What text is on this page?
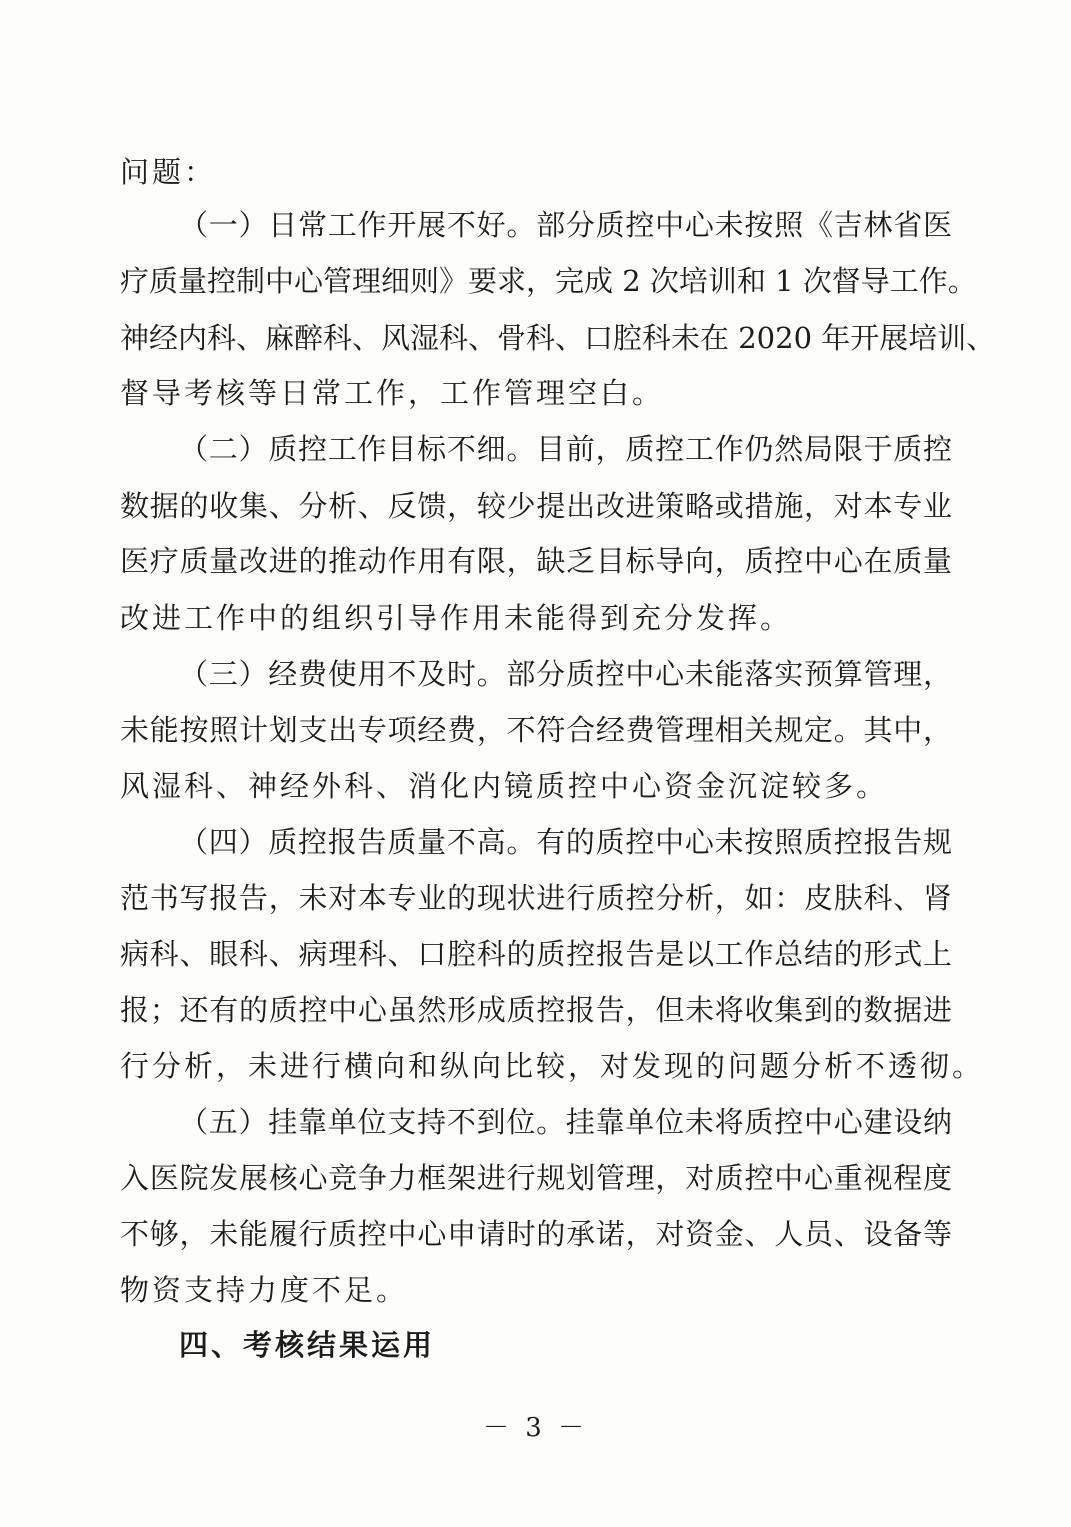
问题：
（一）日常工作开展不好。部分质控中心未按照《吉林省医
疗质量控制中心管理细则》要求，完成 2 次培训和 1 次督导工作。
神经内科、麻醉科、风湿科、骨科、口腔科未在 2020 年开展培训、
督导考核等日常工作，工作管理空白。
（二）质控工作目标不细。目前，质控工作仍然局限于质控
数据的收集、分析、反馈，较少提出改进策略或措施，对本专业
医疗质量改进的推动作用有限，缺乏目标导向，质控中心在质量
改进工作中的组织引导作用未能得到充分发挥。
（三）经费使用不及时。部分质控中心未能落实预算管理，
未能按照计划支出专项经费，不符合经费管理相关规定。其中，
风湿科、神经外科、消化内镜质控中心资金沉淀较多。
（四）质控报告质量不高。有的质控中心未按照质控报告规
范书写报告，未对本专业的现状进行质控分析，如：皮肤科、肾
病科、眼科、病理科、口腔科的质控报告是以工作总结的形式上
报；还有的质控中心虽然形成质控报告，但未将收集到的数据进
行分析，未进行横向和纵向比较，对发现的问题分析不透彻。
（五）挂靠单位支持不到位。挂靠单位未将质控中心建设纳
入医院发展核心竞争力框架进行规划管理，对质控中心重视程度
不够，未能履行质控中心申请时的承诺，对资金、人员、设备等
物资支持力度不足。
四、考核结果运用
－ 3 －
